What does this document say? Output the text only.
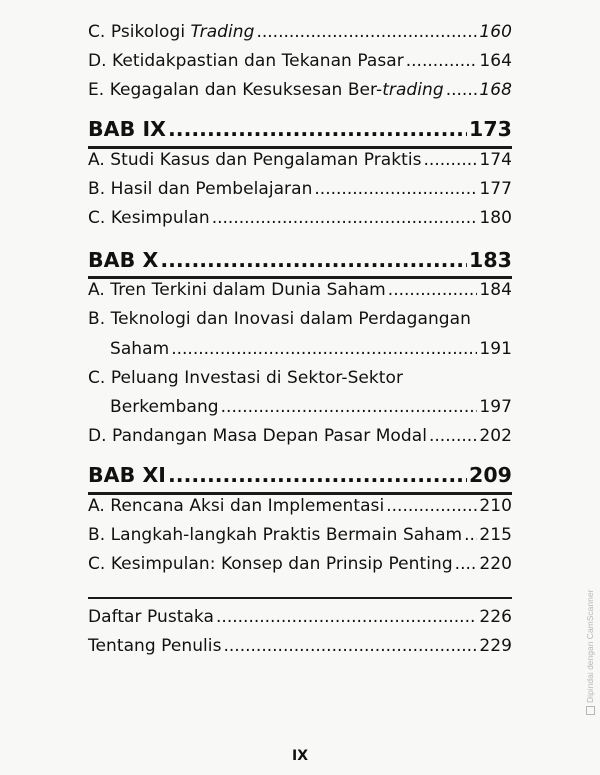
C. Psikologi Trading .....	160
D. Ketidakpastian dan Tekanan Pasar .....	164
E. Kegagalan dan Kesuksesan Ber-trading ..... 168
BAB IX .....	173
A. Studi Kasus dan Pengalaman Praktis .....	174
B. Hasil dan Pembelajaran .....	177
C. Kesimpulan .....	180
BAB X .....	183
A. Tren Terkini dalam Dunia Saham .....	184
B. Teknologi dan Inovasi dalam Perdagangan
Saham .....	191
C. Peluang Investasi di Sektor-Sektor
Berkembang .....	197
D. Pandangan Masa Depan Pasar Modal .....	202
BAB XI .....	209
A. Rencana Aksi dan Implementasi .....	210
B. Langkah-langkah Praktis Bermain Saham ..... 215
C. Kesimpulan: Konsep dan Prinsip Penting ..... 220
Daftar Pustaka .....	226
Tentang Penulis .....	229
IX
Dipindai dengan CamScanner
